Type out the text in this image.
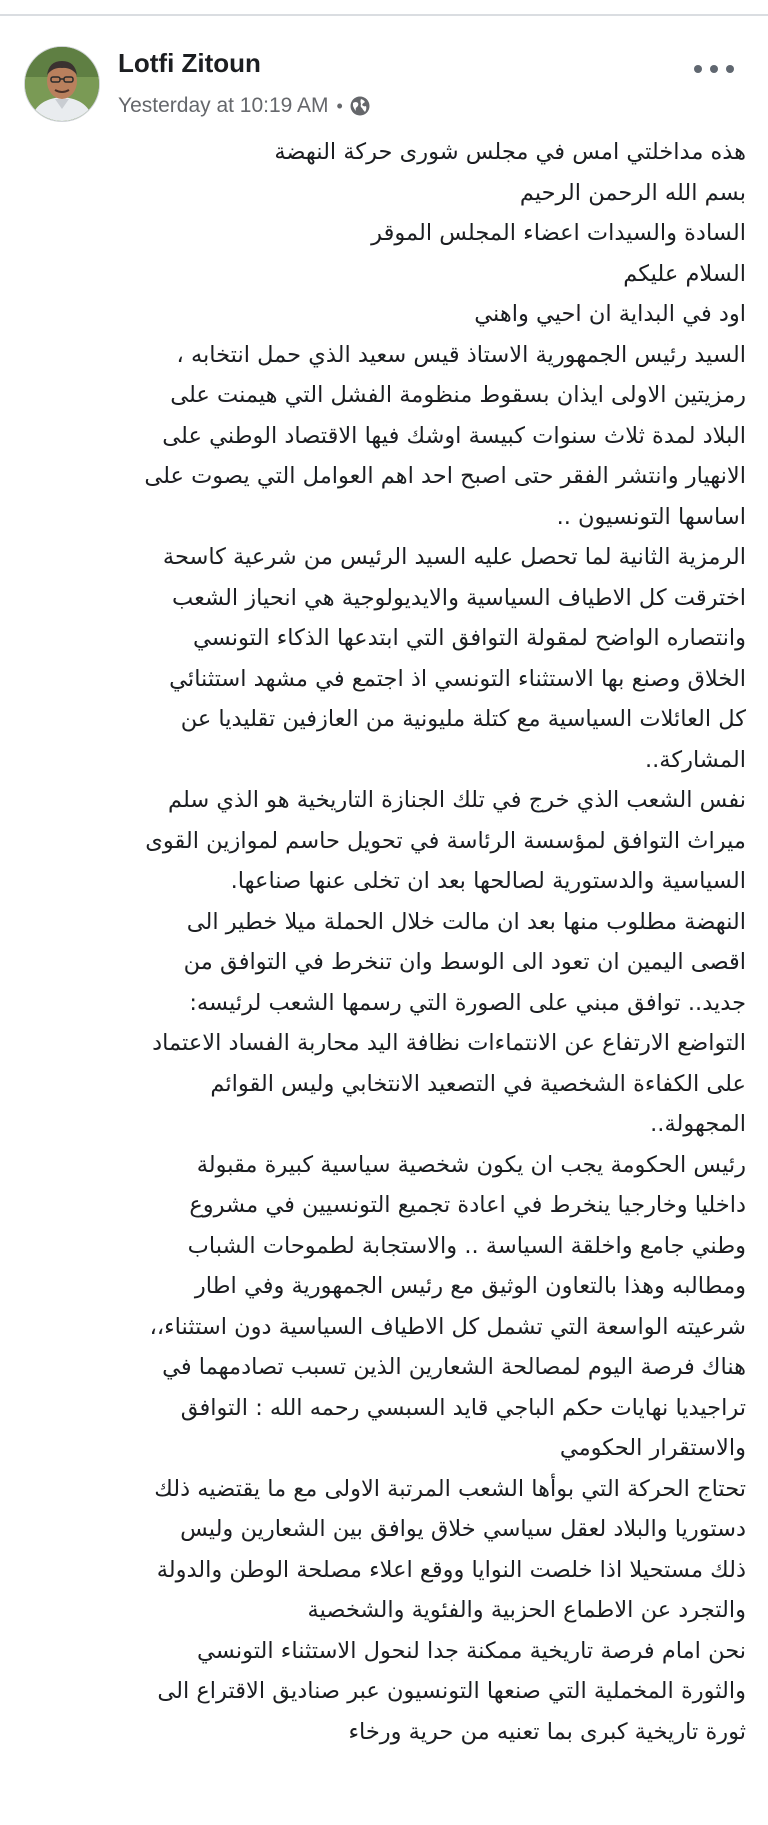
Lotfi Zitoun
Yesterday at 10:19 AM •
هذه مداخلتي امس في مجلس شورى حركة النهضة
بسم الله الرحمن الرحيم
السادة والسيدات اعضاء المجلس الموقر
السلام عليكم
اود في البداية ان احيي واهني
السيد رئيس الجمهورية الاستاذ قيس سعيد الذي حمل انتخابه ،
رمزيتين الاولى ايذان بسقوط منظومة الفشل التي هيمنت على
البلاد لمدة ثلاث سنوات كبيسة اوشك فيها الاقتصاد الوطني على
الانهيار وانتشر الفقر حتى اصبح احد اهم العوامل التي يصوت على
اساسها التونسيون ..
الرمزية الثانية لما تحصل عليه السيد الرئيس من شرعية كاسحة
اخترقت كل الاطياف السياسية والايديولوجية هي انحياز الشعب
وانتصاره الواضح لمقولة التوافق التي ابتدعها الذكاء التونسي
الخلاق وصنع بها الاستثناء التونسي اذ اجتمع في مشهد استثنائي
كل العائلات السياسية مع كتلة مليونية من العازفين تقليديا عن
المشاركة..
نفس الشعب الذي خرج في تلك الجنازة التاريخية هو الذي سلم
ميراث التوافق لمؤسسة الرئاسة في تحويل حاسم لموازين القوى
السياسية والدستورية لصالحها بعد ان تخلى عنها صناعها.
النهضة مطلوب منها بعد ان مالت خلال الحملة ميلا خطير الى
اقصى اليمين ان تعود الى الوسط وان تنخرط في التوافق من
جديد.. توافق مبني على الصورة التي رسمها الشعب لرئيسه:
التواضع الارتفاع عن الانتماءات نظافة اليد محاربة الفساد الاعتماد
على الكفاءة الشخصية في التصعيد الانتخابي وليس القوائم
المجهولة..
رئيس الحكومة يجب ان يكون شخصية سياسية كبيرة مقبولة
داخليا وخارجيا ينخرط في اعادة تجميع التونسيين في مشروع
وطني جامع واخلقة السياسة .. والاستجابة لطموحات الشباب
ومطالبه وهذا بالتعاون الوثيق مع رئيس الجمهورية وفي اطار
شرعيته الواسعة التي تشمل كل الاطياف السياسية دون استثناء،،
هناك فرصة اليوم لمصالحة الشعارين الذين تسبب تصادمهما في
تراجيديا نهايات حكم الباجي قايد السبسي رحمه الله : التوافق
والاستقرار الحكومي
تحتاج الحركة التي بوأها الشعب المرتبة الاولى مع ما يقتضيه ذلك
دستوريا والبلاد لعقل سياسي خلاق يوافق بين الشعارين وليس
ذلك مستحيلا اذا خلصت النوايا ووقع اعلاء مصلحة الوطن والدولة
والتجرد عن الاطماع الحزبية والفئوية والشخصية
نحن امام فرصة تاريخية ممكنة جدا لنحول الاستثناء التونسي
والثورة المخملية التي صنعها التونسيون عبر صناديق الاقتراع الى
ثورة تاريخية كبرى بما تعنيه من حرية ورخاء
